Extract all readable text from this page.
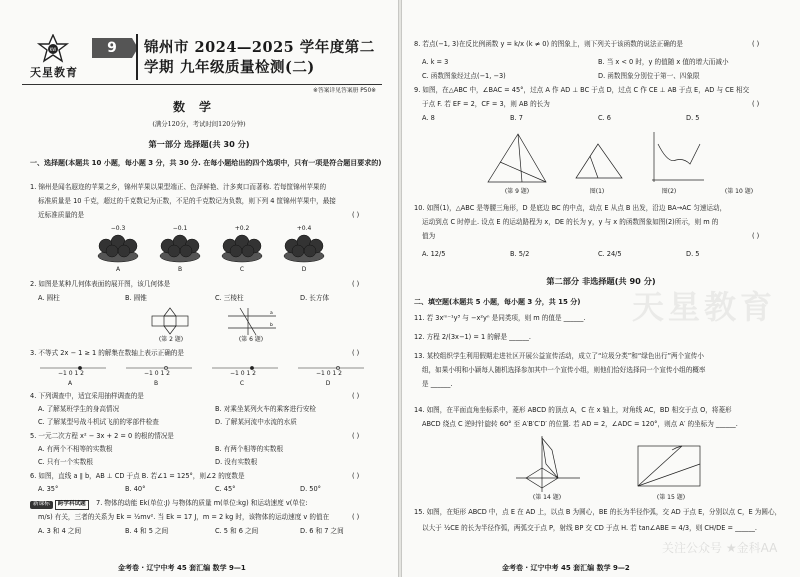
KW
天星教育
9	锦州市 2024—2025 学年度第二学期 九年级质量检测(二)
※答案详见答案册 P50※
数学
(满分120分，考试时间120分钟)
第一部分 选择题(共 30 分)
一、选择题(本题共 10 小题，每小题 3 分，共 30 分. 在每小题给出的四个选项中，只有一项是符合题目要求的)
1. 锦州是闻名遐迩的苹果之乡，锦州苹果以果型端正、色泽鲜艳、汁多爽口而著称. 若每筐锦州苹果的
标准质量是 10 千克，超过的千克数记为正数，不足的千克数记为负数，则下列 4 筐锦州苹果中，最接
近标准质量的是	( )
−0.3	−0.1	+0.2	+0.4
A	B	C	D
2. 如图是某种几何体表面的展开图，该几何体是	( )
A. 圆柱	B. 圆锥	C. 三棱柱	D. 长方体
(第 2 题)
a
b
(第 6 题)
3. 不等式 2x − 1 ≥ 1 的解集在数轴上表示正确的是	( )
−1 0 1 2	−1 0 1 2	−1 0 1 2	−1 0 1 2
A	B	C	D
4. 下列调查中，适宜采用抽样调查的是	( )
A. 了解某班学生的身高情况	B. 对乘坐某列火车的乘客进行安检
C. 了解某型号战斗机试飞前的零部件检查	D. 了解某河流中水流的水质
5. 一元二次方程 x² − 3x + 2 = 0 的根的情况是	( )
A. 有两个不相等的实数根	B. 有两个相等的实数根
C. 只有一个实数根	D. 没有实数根
6. 如图，直线 a ∥ b，AB ⊥ CD 于点 B. 若∠1 = 125°，则∠2 的度数是	( )
A. 35°	B. 40°	C. 45°	D. 50°
新课标 跨学科试题	7. 物体的动能 Ek(单位:J) 与物体的质量 m(单位:kg) 和运动速度 v(单位:
m/s) 有关，三者的关系为 Ek = ½mv². 当 Ek = 17 J，m = 2 kg 时，该物体的运动速度 v 的值在	( )
A. 3 和 4 之间	B. 4 和 5 之间	C. 5 和 6 之间	D. 6 和 7 之间
金考卷 · 辽宁中考 45 套汇编 数学 9—1
8. 若点(−1, 3)在反比例函数 y = k/x (k ≠ 0) 的图象上，则下列关于该函数的说法正确的是	( )
A. k = 3	B. 当 x < 0 时，y 的值随 x 值的增大而减小
C. 函数图象经过点(−1, −3)	D. 函数图象分别位于第一、四象限
9. 如图，在△ABC 中，∠BAC = 45°，过点 A 作 AD ⊥ BC 于点 D，过点 C 作 CE ⊥ AB 于点 E，AD 与 CE 相交
于点 F. 若 EF = 2，CF = 3，则 AB 的长为	( )
A. 8	B. 7	C. 6	D. 5
(第 9 题)	图(1)	图(2)	(第 10 题)
10. 如图(1)，△ABC 是等腰三角形，D 是底边 BC 的中点，动点 E 从点 B 出发，沿边 BA→AC 匀速运动，
运动到点 C 时停止. 设点 E 的运动路程为 x，DE 的长为 y，y 与 x 的函数图象如图(2)所示，则 m 的
值为	( )
A. 12/5	B. 5/2	C. 24/5	D. 5
第二部分 非选择题(共 90 分)
二、填空题(本题共 5 小题，每小题 3 分，共 15 分)
11. 若 3xᵐ⁻¹y³ 与 −x²yⁿ 是同类项，则 m 的值是 ______.
12. 方程 2/(3x−1) = 1 的解是 ______.
13. 某校组织学生利用假期走进社区开展公益宣传活动，成立了“垃圾分类”和“绿色出行”两个宣传小
组，如果小明和小颖每人随机选择参加其中一个宣传小组，则他们恰好选择同一个宣传小组的概率
是 ______.
14. 如图，在平面直角坐标系中，菱形 ABCD 的顶点 A，C 在 x 轴上，对角线 AC，BD 相交于点 O，将菱形
ABCD 绕点 C 逆时针旋转 60° 至 A′B′C′D′ 的位置. 若 AD = 2，∠ADC = 120°，则点 A′ 的坐标为 ______.
(第 14 题)	(第 15 题)
15. 如图，在矩形 ABCD 中，点 E 在 AD 上，以点 B 为圆心，BE 的长为半径作弧，交 AD 于点 E，分别以点 C，E 为圆心，
以大于 ½CE 的长为半径作弧，两弧交于点 P，射线 BP 交 CD 于点 H. 若 tan∠ABE = 4/3，则 CH/DE = ______.
天星教育
关注公众号 ★金科AA
金考卷 · 辽宁中考 45 套汇编 数学 9—2
